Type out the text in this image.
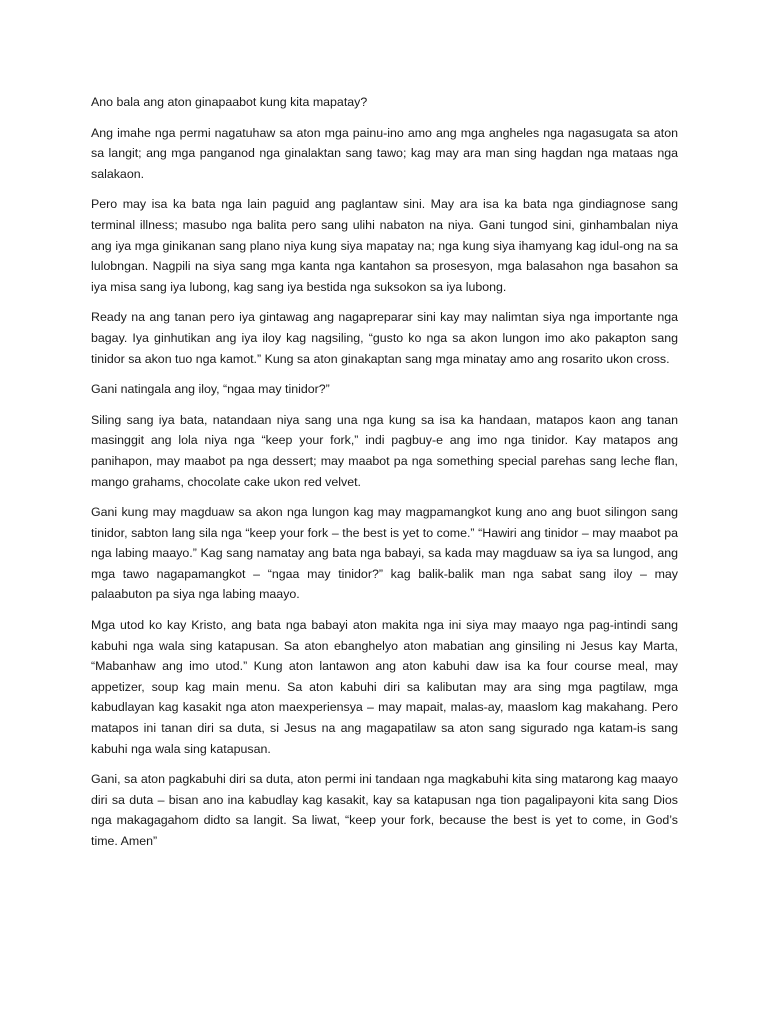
Ano bala ang aton ginapaabot kung kita mapatay?

Ang imahe nga permi nagatuhaw sa aton mga painu-ino amo ang mga angheles nga nagasugata sa aton sa langit; ang mga panganod nga ginalaktan sang tawo; kag may ara man sing hagdan nga mataas nga salakaon.

Pero may isa ka bata nga lain paguid ang paglantaw sini. May ara isa ka bata nga gindiagnose sang terminal illness; masubo nga balita pero sang ulihi nabaton na niya. Gani tungod sini, ginhambalan niya ang iya mga ginikanan sang plano niya kung siya mapatay na; nga kung siya ihamyang kag idul-ong na sa lulobngan. Nagpili na siya sang mga kanta nga kantahon sa prosesyon, mga balasahon nga basahon sa iya misa sang iya lubong, kag sang iya bestida nga suksokon sa iya lubong.

Ready na ang tanan pero iya gintawag ang nagapreparar sini kay may nalimtan siya nga importante nga bagay. Iya ginhutikan ang iya iloy kag nagsiling, “gusto ko nga sa akon lungon imo ako pakapton sang tinidor sa akon tuo nga kamot.” Kung sa aton ginakaptan sang mga minatay amo ang rosarito ukon cross.

Gani natingala ang iloy, “ngaa may tinidor?”

Siling sang iya bata, natandaan niya sang una nga kung sa isa ka handaan, matapos kaon ang tanan masinggit ang lola niya nga “keep your fork,” indi pagbuy-e ang imo nga tinidor. Kay matapos ang panihapon, may maabot pa nga dessert; may maabot pa nga something special parehas sang leche flan, mango grahams, chocolate cake ukon red velvet.

Gani kung may magduaw sa akon nga lungon kag may magpamangkot kung ano ang buot silingon sang tinidor, sabton lang sila nga “keep your fork – the best is yet to come.” “Hawiri ang tinidor – may maabot pa nga labing maayo.” Kag sang namatay ang bata nga babayi, sa kada may magduaw sa iya sa lungod, ang mga tawo nagapamangkot – “ngaa may tinidor?” kag balik-balik man nga sabat sang iloy – may palaabuton pa siya nga labing maayo.

Mga utod ko kay Kristo, ang bata nga babayi aton makita nga ini siya may maayo nga pag-intindi sang kabuhi nga wala sing katapusan. Sa aton ebanghelyo aton mabatian ang ginsiling ni Jesus kay Marta, “Mabanhaw ang imo utod.” Kung aton lantawon ang aton kabuhi daw isa ka four course meal, may appetizer, soup kag main menu. Sa aton kabuhi diri sa kalibutan may ara sing mga pagtilaw, mga kabudlayan kag kasakit nga aton maexperiensya – may mapait, malas-ay, maaslom kag makahang. Pero matapos ini tanan diri sa duta, si Jesus na ang magapatilaw sa aton sang sigurado nga katam-is sang kabuhi nga wala sing katapusan.

Gani, sa aton pagkabuhi diri sa duta, aton permi ini tandaan nga magkabuhi kita sing matarong kag maayo diri sa duta – bisan ano ina kabudlay kag kasakit, kay sa katapusan nga tion pagalipayoni kita sang Dios nga makagagahom didto sa langit. Sa liwat, “keep your fork, because the best is yet to come, in God’s time. Amen”
